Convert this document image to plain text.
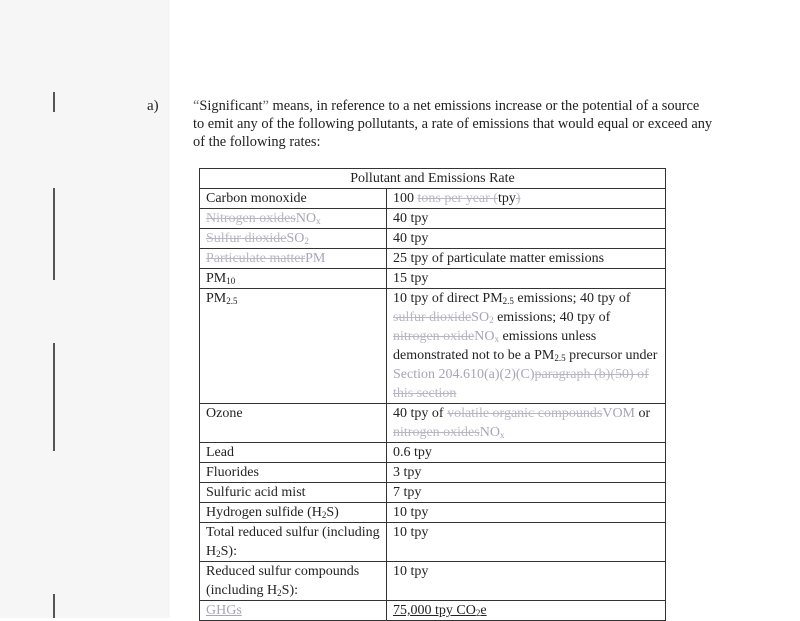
a) “Significant” means, in reference to a net emissions increase or the potential of a source to emit any of the following pollutants, a rate of emissions that would equal or exceed any of the following rates:
Pollutant and Emissions Rate	
Carbon monoxide	100 tons per year (tpy)
Nitrogen oxidesNO$_x$	40 tpy
Sulfur dioxideSO$_2$	40 tpy
Particulate matterPM	25 tpy of particulate matter emissions
$PM_{10}$	15 tpy
$PM_{2.5}$	10 tpy of direct $PM_{2.5}$ emissions; 40 tpy of sulfur dioxideSO$_2$ emissions; 40 tpy of nitrogen oxideNO$_x$ emissions unless demonstrated not to be a $PM_{2.5}$ precursor under Section 204.610(a)(2)(C)paragraph (b)(50) of this section
Ozone	40 tpy of volatile organic compoundsVOM or nitrogen oxidesNO$_x$
Lead	0.6 tpy
Fluorides	3 tpy
Sulfuric acid mist	7 tpy
Hydrogen sulfide $(H_2S)$	10 tpy
Total reduced sulfur (including $H_2S$):	10 tpy
Reduced sulfur compounds (including $H_2S$):	10 tpy
GHGs	75,000 tpy $CO_2e$
